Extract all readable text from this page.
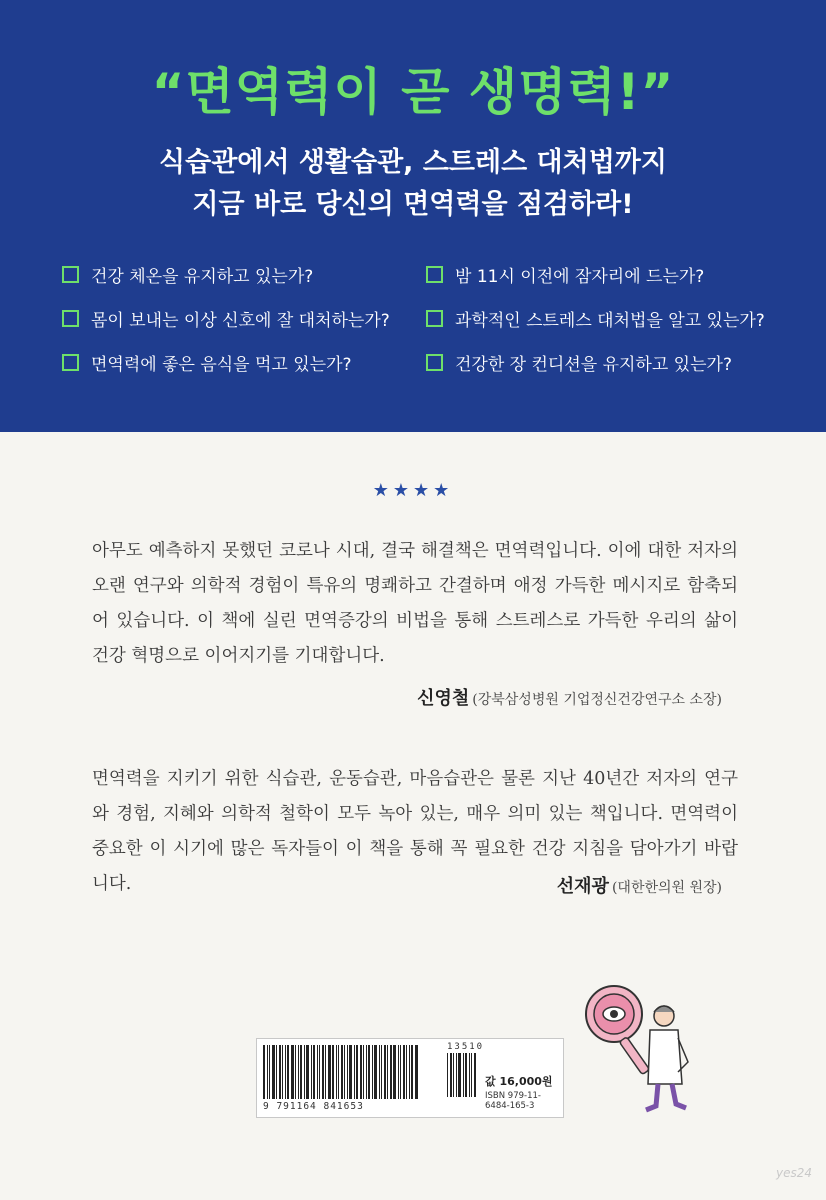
“면역력이 곧 생명력!”
식습관에서 생활습관, 스트레스 대처법까지
지금 바로 당신의 면역력을 점검하라!
건강 체온을 유지하고 있는가?	밤 11시 이전에 잠자리에 드는가?
몸이 보내는 이상 신호에 잘 대처하는가?	과학적인 스트레스 대처법을 알고 있는가?
면역력에 좋은 음식을 먹고 있는가?	건강한 장 컨디션을 유지하고 있는가?
★★★★

아무도 예측하지 못했던 코로나 시대, 결국 해결책은 면역력입니다. 이에 대한 저자의 오랜 연구와 의학적 경험이 특유의 명쾌하고 간결하며 애정 가득한 메시지로 함축되어 있습니다. 이 책에 실린 면역증강의 비법을 통해 스트레스로 가득한 우리의 삶이 건강 혁명으로 이어지기를 기대합니다.

신영철 (강북삼성병원 기업정신건강연구소 소장)

면역력을 지키기 위한 식습관, 운동습관, 마음습관은 물론 지난 40년간 저자의 연구와 경험, 지혜와 의학적 철학이 모두 녹아 있는, 매우 의미 있는 책입니다. 면역력이 중요한 이 시기에 많은 독자들이 이 책을 통해 꼭 필요한 건강 지침을 담아가기 바랍니다.	선재광 (대한한의원 원장)
9 791164 841653
13510
값 16,000원
ISBN 979-11-6484-165-3
yes24
